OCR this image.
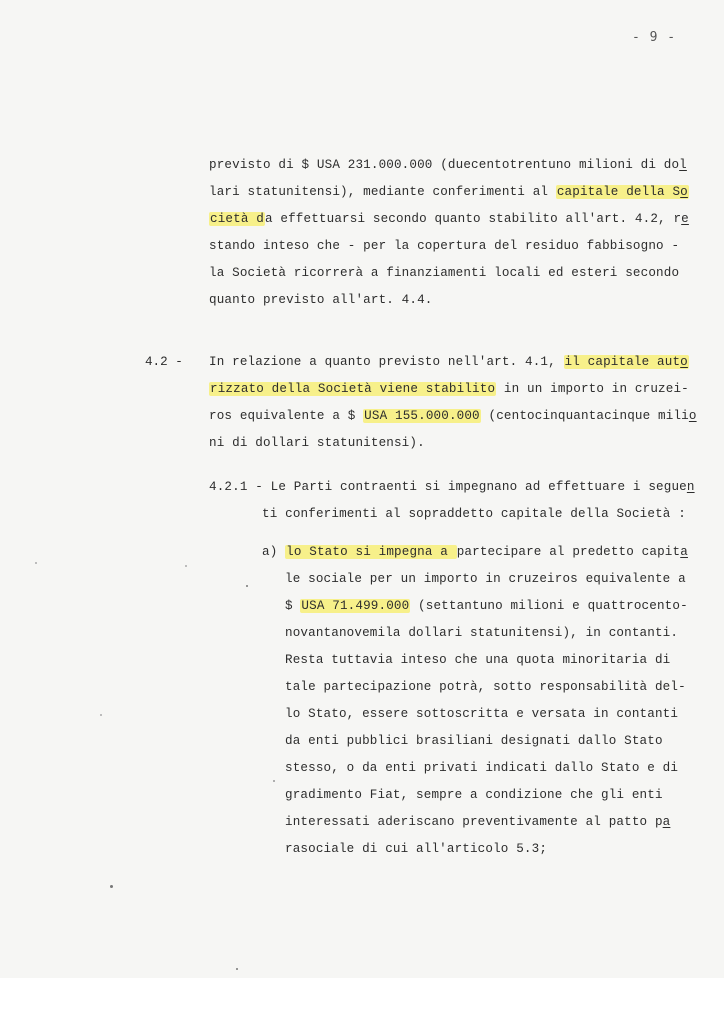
- 9 -
previsto di $ USA 231.000.000 (duecentotrentuno milioni di dol
lari statunitensi), mediante conferimenti al capitale della So
cietà da effettuarsi secondo quanto stabilito all'art. 4.2, re
stando inteso che - per la copertura del residuo fabbisogno -
la Società ricorrerà a finanziamenti locali ed esteri secondo
quanto previsto all'art. 4.4.
4.2 - In relazione a quanto previsto nell'art. 4.1, il capitale auto
rizzato della Società viene stabilito in un importo in cruzei-
ros equivalente a $ USA 155.000.000 (centocinquantacinque milio
ni di dollari statunitensi).
4.2.1 - Le Parti contraenti si impegnano ad effettuare i seguen
ti conferimenti al sopraddetto capitale della Società :
a) lo Stato si impegna a partecipare al predetto capita
le sociale per un importo in cruzeiros equivalente a
$ USA 71.499.000 (settantuno milioni e quattrocento-
novantanovemila dollari statunitensi), in contanti.
Resta tuttavia inteso che una quota minoritaria di
tale partecipazione potrà, sotto responsabilità del-
lo Stato, essere sottoscritta e versata in contanti
da enti pubblici brasiliani designati dallo Stato
stesso, o da enti privati indicati dallo Stato e di
gradimento Fiat, sempre a condizione che gli enti
interessati aderiscano preventivamente al patto pa
rasociale di cui all'articolo 5.3;
